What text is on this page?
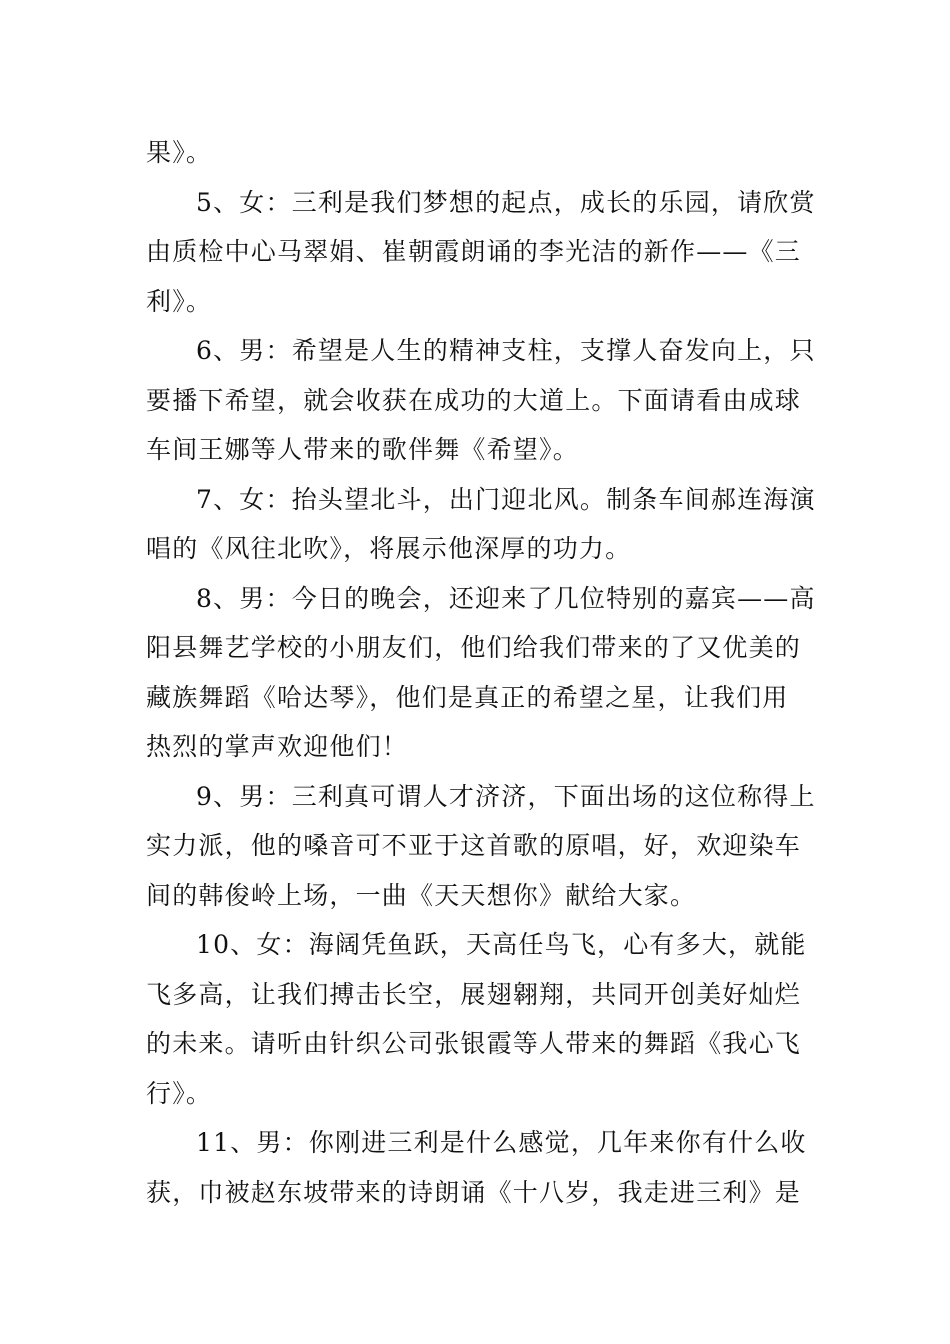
果》。

5、女：三利是我们梦想的起点，成长的乐园，请欣赏

由质检中心马翠娟、崔朝霞朗诵的李光洁的新作——《三

利》。

6、男：希望是人生的精神支柱，支撑人奋发向上，只

要播下希望，就会收获在成功的大道上。下面请看由成球

车间王娜等人带来的歌伴舞《希望》。

7、女：抬头望北斗，出门迎北风。制条车间郝连海演

唱的《风往北吹》，将展示他深厚的功力。

8、男：今日的晚会，还迎来了几位特别的嘉宾——高

阳县舞艺学校的小朋友们，他们给我们带来的了又优美的

藏族舞蹈《哈达琴》，他们是真正的希望之星，让我们用

热烈的掌声欢迎他们！

9、男：三利真可谓人才济济，下面出场的这位称得上

实力派，他的嗓音可不亚于这首歌的原唱，好，欢迎染车

间的韩俊岭上场，一曲《天天想你》献给大家。

10、女：海阔凭鱼跃，天高任鸟飞，心有多大，就能

飞多高，让我们搏击长空，展翅翱翔，共同开创美好灿烂

的未来。请听由针织公司张银霞等人带来的舞蹈《我心飞

行》。

11、男：你刚进三利是什么感觉，几年来你有什么收

获，巾被赵东坡带来的诗朗诵《十八岁，我走进三利》是
